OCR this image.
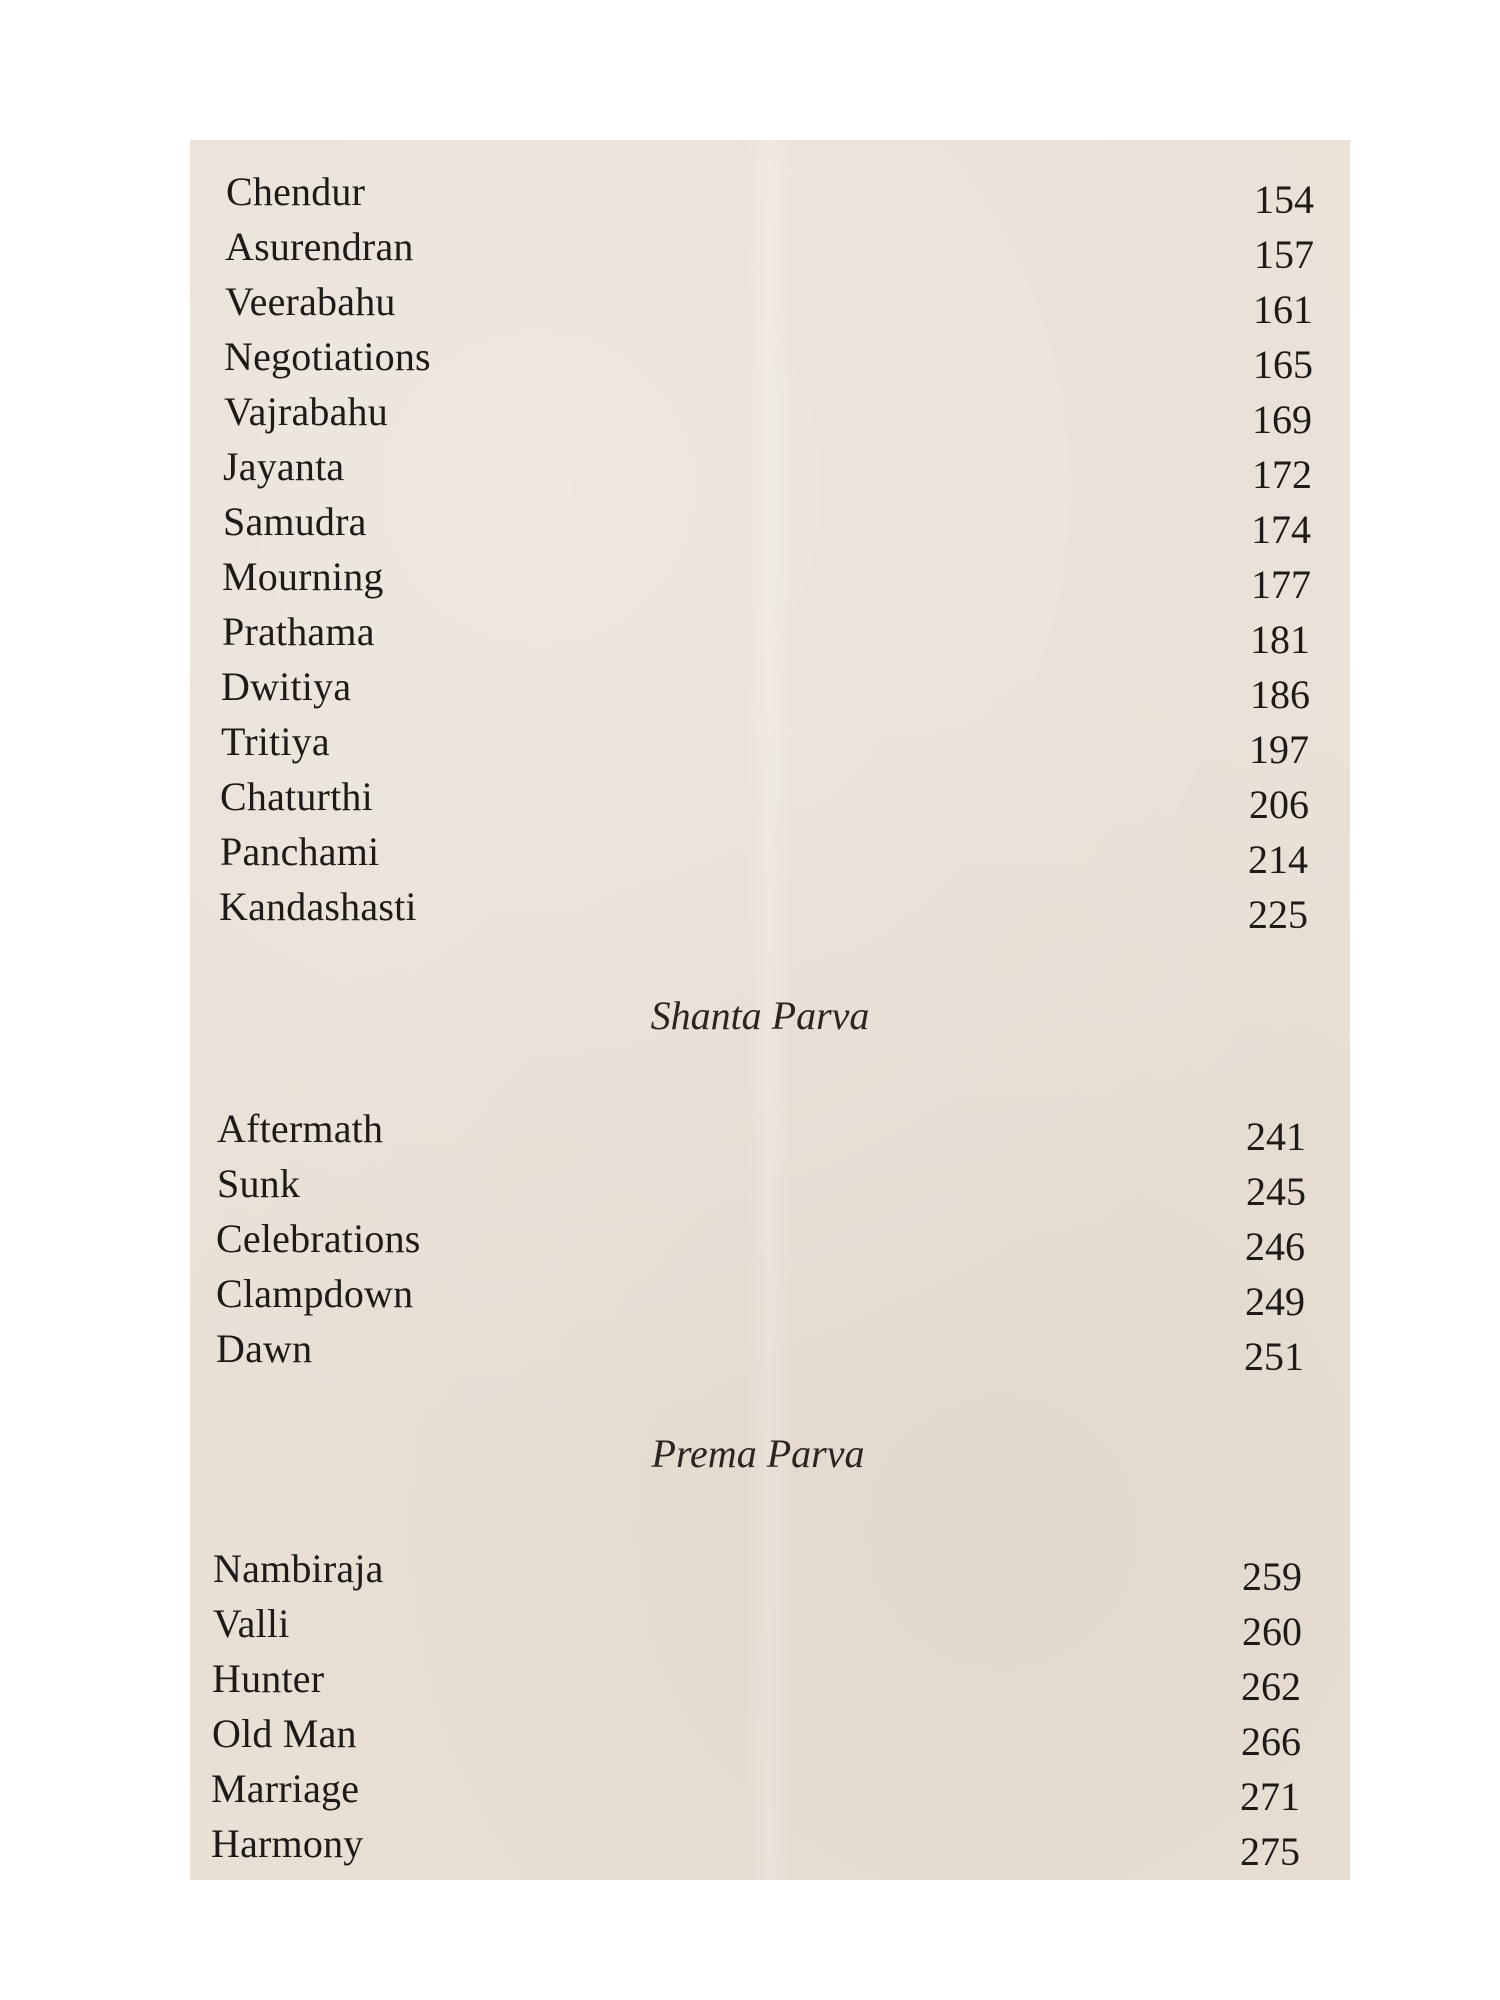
Chendur	154
Asurendran	157
Veerabahu	161
Negotiations	165
Vajrabahu	169
Jayanta	172
Samudra	174
Mourning	177
Prathama	181
Dwitiya	186
Tritiya	197
Chaturthi	206
Panchami	214
Kandashasti	225
Shanta Parva
Aftermath	241
Sunk	245
Celebrations	246
Clampdown	249
Dawn	251
Prema Parva
Nambiraja	259
Valli	260
Hunter	262
Old Man	266
Marriage	271
Harmony	275
